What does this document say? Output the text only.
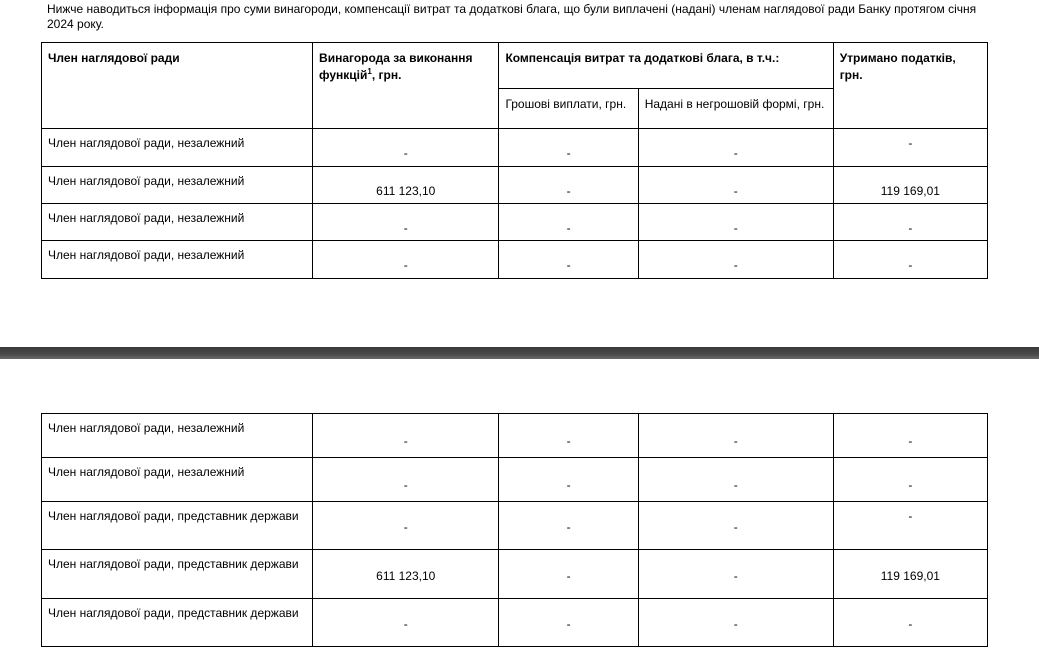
Нижче наводиться інформація про суми винагороди, компенсації витрат та додаткові блага, що були виплачені (надані) членам наглядової ради Банку протягом січня 2024 року.
Член наглядової ради	Винагорода за виконання функцій$^1$, грн.	Компенсація витрат та додаткові блага, в т.ч.:		Утримано податків, грн.
		Грошові виплати, грн.	Надані в негрошовій формі, грн.	
Член наглядової ради, незалежний	-	-	-	-
Член наглядової ради, незалежний	611 123,10	-	-	119 169,01
Член наглядової ради, незалежний	-	-	-	-
Член наглядової ради, незалежний	-	-	-	-
Член наглядової ради, незалежний	-	-	-	-
Член наглядової ради, незалежний	-	-	-	-
Член наглядової ради, представник держави	-	-	-	-
Член наглядової ради, представник держави	611 123,10	-	-	119 169,01
Член наглядової ради, представник держави	-	-	-	-
